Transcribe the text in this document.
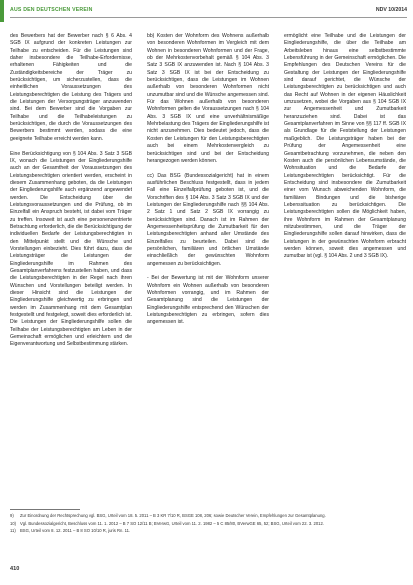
AUS DEN DEUTSCHEN VEREIN	NDV 10/2014

des Bewerbers hat der Bewerber nach § 6 Abs. 4 SGB IX aufgrund der konkreten Leistungen zur Teilhabe zu entscheiden. Für die Leistungen sind daher insbesondere die Teilhabe-Erfordernisse, erhaltenen Fähigkeiten und die Zuständigkeitsbereiche der Träger zu berücksichtigen, um sicherzustellen, dass die einheitlichen Voraussetzungen des Leistungsberechtigten die Leistung des Trägers und die Leistungen der Versorgungsträger anzuwenden sind. Bei dem Bewerber sind die Vorgaben zur Teilhabe und die Teilhabeleistungen zu berücksichtigen, die durch die Voraussetzungen des Bewerbers bestimmt werden, sodass die eine geeignete Teilhabe erreicht werden kann.

Eine Berücksichtigung von § 104 Abs. 3 Satz 3 SGB IX, wonach die Leistungen der Eingliederungshilfe auch an der Gesamtheit der Voraussetzungen des Leistungsberechtigten orientiert werden, erscheint in diesem Zusammenhang geboten, da die Leistungen der Eingliederungshilfe auch ergänzend angewendet werden. Die Entscheidung über die Leistungsvoraussetzungen und die Prüfung, ob im Einzelfall ein Anspruch besteht, ist dabei vom Träger zu treffen. Insoweit ist auch eine personenzentrierte Betrachtung erforderlich, die die Berücksichtigung der individuellen Bedarfe der Leistungsberechtigten in den Mittelpunkt stellt und die Wünsche und Vorstellungen einbezieht. Dies führt dazu, dass die Leistungsträger die Leistungen der Eingliederungshilfe im Rahmen des Gesamtplanverfahrens festzustellen haben, und dass die Leistungsberechtigten in der Regel nach ihren Wünschen und Vorstellungen beteiligt werden. In dieser Hinsicht sind die Leistungen der Eingliederungshilfe gleichwertig zu erbringen und werden im Zusammenhang mit dem Gesamtplan festgestellt und festgelegt, soweit dies erforderlich ist. Die Leistungen der Eingliederungshilfe sollen die Teilhabe der Leistungsberechtigten am Leben in der Gemeinschaft ermöglichen und erleichtern und die Eigenverantwortung und Selbstbestimmung stärken.

bb) Kosten der Wohnform des Wohnens außerhalb von besonderen Wohnformen im Vergleich mit dem Wohnen in besonderen Wohnformen und der Frage, ob der Mehrkostenvorbehalt gemäß § 104 Abs. 3 Satz 3 SGB IX anzuwenden ist. Nach § 104 Abs. 3 Satz 3 SGB IX ist bei der Entscheidung zu berücksichtigen, dass die Leistungen im Wohnen außerhalb von besonderen Wohnformen nicht unzumutbar sind und die Wünsche angemessen sind. Für das Wohnen außerhalb von besonderen Wohnformen gelten die Voraussetzungen nach § 104 Abs. 3 SGB IX und eine unverhältnismäßige Mehrbelastung des Trägers der Eingliederungshilfe ist nicht anzunehmen. Dies bedeutet jedoch, dass die Kosten der Leistungen für den Leistungsberechtigten auch bei einem Mehrkostenvergleich zu berücksichtigen sind und bei der Entscheidung herangezogen werden können.

cc) Das BSG (Bundessozialgericht) hat in einem ausführlichen Beschluss festgestellt, dass in jedem Fall eine Einzelfallprüfung geboten ist, und die Vorschriften des § 104 Abs. 3 Satz 3 SGB IX und der Leistungen der Eingliederungshilfe nach §§ 104 Abs. 2 Satz 1 und Satz 2 SGB IX vorrangig zu berücksichtigen sind. Danach ist im Rahmen der Angemessenheitsprüfung die Zumutbarkeit für den Leistungsberechtigten anhand aller Umstände des Einzelfalles zu beurteilen. Dabei sind die persönlichen, familiären und örtlichen Umstände einschließlich der gewünschten Wohnform angemessen zu berücksichtigen.

- Bei der Bewertung ist mit der Wohnform unserer Wohnform ein Wohnen außerhalb von besonderen Wohnformen vorrangig, und im Rahmen der Gesamtplanung sind die Leistungen der Eingliederungshilfe entsprechend den Wünschen der Leistungsberechtigten zu erbringen, sofern dies angemessen ist.

ermöglicht eine Teilhabe und die Leistungen der Eingliederungshilfe, die über die Teilhabe am Arbeitsleben hinaus eine selbstbestimmte Lebensführung in der Gemeinschaft ermöglichen. Die Empfehlungen des Deutschen Vereins für die Gestaltung der Leistungen der Eingliederungshilfe sind darauf gerichtet, die Wünsche der Leistungsberechtigten zu berücksichtigen und auch das Recht auf Wohnen in der eigenen Häuslichkeit umzusetzen, wobei die Vorgaben aus § 104 SGB IX zur Angemessenheit und Zumutbarkeit heranzuziehen sind. Dabei ist das Gesamtplanverfahren im Sinne von §§ 117 ff. SGB IX als Grundlage für die Feststellung der Leistungen maßgeblich. Die Leistungsträger haben bei der Prüfung der Angemessenheit eine Gesamtbetrachtung vorzunehmen, die neben den Kosten auch die persönlichen Lebensumstände, die Wohnsituation und die Bedarfe der Leistungsberechtigten berücksichtigt. Für die Entscheidung sind insbesondere die Zumutbarkeit einer vom Wunsch abweichenden Wohnform, die familiären Bindungen und die bisherige Lebenssituation zu berücksichtigen. Die Leistungsberechtigten sollen die Möglichkeit haben, ihre Wohnform im Rahmen der Gesamtplanung mitzubestimmen, und die Träger der Eingliederungshilfe sollen darauf hinwirken, dass die Leistungen in der gewünschten Wohnform erbracht werden können, soweit dies angemessen und zumutbar ist (vgl. § 104 Abs. 2 und 3 SGB IX).

9)	Zur Einordnung der Rechtsprechung vgl. BSG, Urteil vom 18. 5. 2011 – B 3 KR 7/10 R, BSGE 108, 206; sowie Deutscher Verein, Empfehlungen zur Gesamtplanung.
10) Vgl. Bundessozialgericht, Beschluss vom 11. 1. 2012 – B 7 SO 12/11 B; BVerwG, Urteil vom 11. 2. 1982 – 5 C 85/80, BVerwGE 65, 52; BSG, Urteil vom 22. 3. 2012.
11)	BSG, Urteil vom 8. 12. 2011 – B 8 SO 10/10 R, juris Rn. 11.
410
